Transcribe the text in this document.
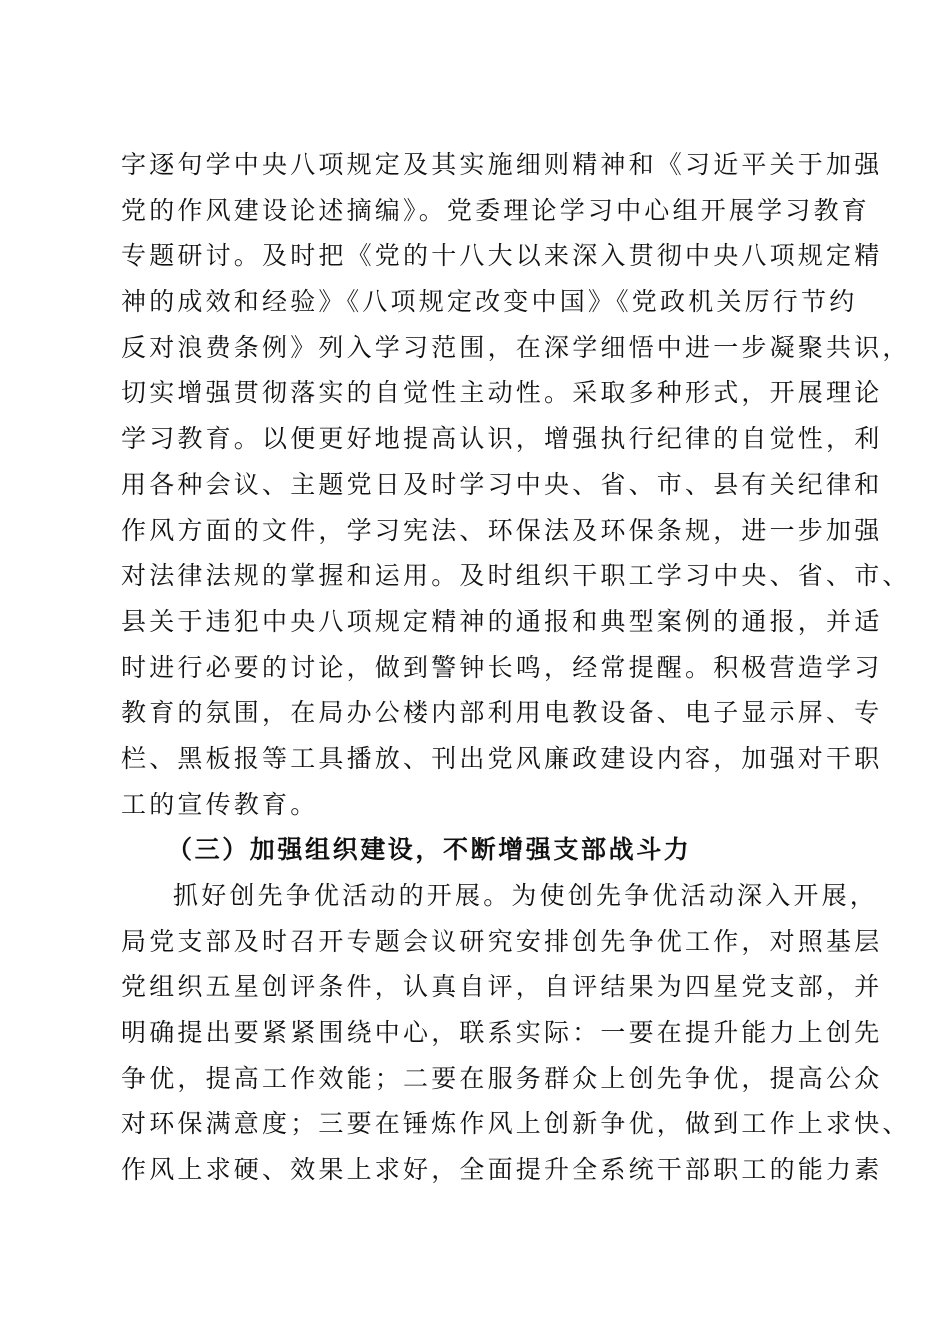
字逐句学中央八项规定及其实施细则精神和《习近平关于加强
党的作风建设论述摘编》。党委理论学习中心组开展学习教育
专题研讨。及时把《党的十八大以来深入贯彻中央八项规定精
神的成效和经验》《八项规定改变中国》《党政机关厉行节约
反对浪费条例》列入学习范围，在深学细悟中进一步凝聚共识，
切实增强贯彻落实的自觉性主动性。采取多种形式，开展理论
学习教育。以便更好地提高认识，增强执行纪律的自觉性，利
用各种会议、主题党日及时学习中央、省、市、县有关纪律和
作风方面的文件，学习宪法、环保法及环保条规，进一步加强
对法律法规的掌握和运用。及时组织干职工学习中央、省、市、
县关于违犯中央八项规定精神的通报和典型案例的通报，并适
时进行必要的讨论，做到警钟长鸣，经常提醒。积极营造学习
教育的氛围，在局办公楼内部利用电教设备、电子显示屏、专
栏、黑板报等工具播放、刊出党风廉政建设内容，加强对干职
工的宣传教育。
（三）加强组织建设，不断增强支部战斗力
抓好创先争优活动的开展。为使创先争优活动深入开展，
局党支部及时召开专题会议研究安排创先争优工作，对照基层
党组织五星创评条件，认真自评，自评结果为四星党支部，并
明确提出要紧紧围绕中心，联系实际：一要在提升能力上创先
争优，提高工作效能；二要在服务群众上创先争优，提高公众
对环保满意度；三要在锤炼作风上创新争优，做到工作上求快、
作风上求硬、效果上求好，全面提升全系统干部职工的能力素
